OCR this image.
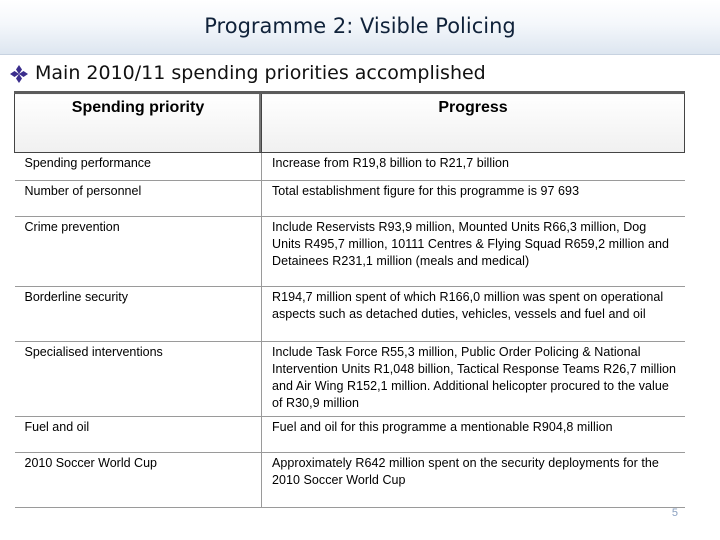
Programme 2: Visible Policing
Main 2010/11 spending priorities accomplished
Spending priority	Progress
Spending performance	Increase from R19,8 billion to R21,7 billion
Number of personnel	Total establishment figure for this programme is 97 693
Crime prevention	Include Reservists R93,9 million, Mounted Units R66,3 million, Dog Units R495,7 million, 10111 Centres & Flying Squad R659,2 million and Detainees R231,1 million (meals and medical)
Borderline security	R194,7 million spent of which R166,0 million was spent on operational aspects such as detached duties, vehicles, vessels and fuel and oil
Specialised interventions	Include Task Force R55,3 million, Public Order Policing & National Intervention Units R1,048 billion, Tactical Response Teams R26,7 million and Air Wing R152,1 million. Additional helicopter procured to the value of R30,9 million
Fuel and oil	Fuel and oil for this programme a mentionable R904,8 million
2010 Soccer World Cup	Approximately R642 million spent on the security deployments for the 2010 Soccer World Cup
5
